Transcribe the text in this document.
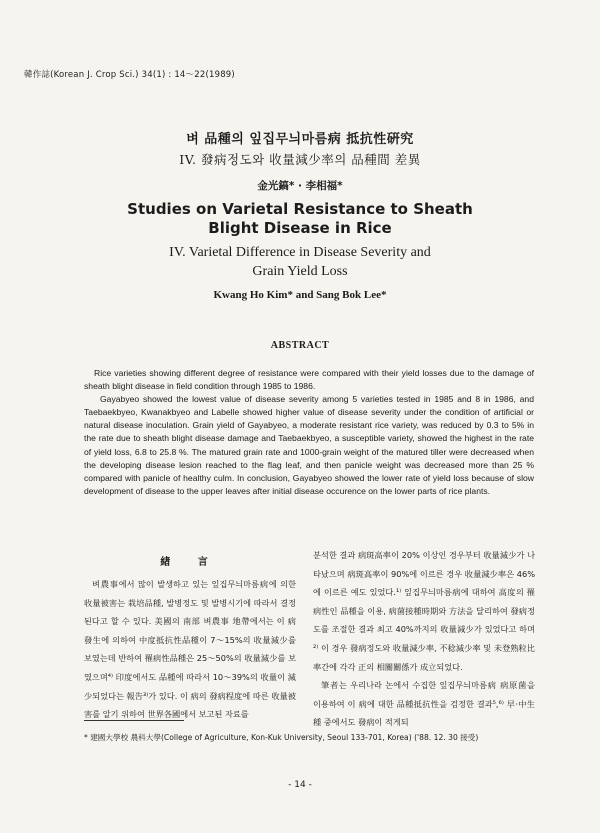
韓作誌(Korean J. Crop Sci.) 34(1) : 14～22(1989)
벼 品種의 잎집무늬마름病 抵抗性硏究
IV. 發病정도와 收量減少率의 品種間 差異
金光鎬* · 李相福*
Studies on Varietal Resistance to Sheath
Blight Disease in Rice
IV. Varietal Difference in Disease Severity and
Grain Yield Loss
Kwang Ho Kim* and Sang Bok Lee*
ABSTRACT

Rice varieties showing different degree of resistance were compared with their yield losses due to the damage of sheath blight disease in field condition through 1985 to 1986.

Gayabyeo showed the lowest value of disease severity among 5 varieties tested in 1985 and 8 in 1986, and Taebaekbyeo, Kwanakbyeo and Labelle showed higher value of disease severity under the condition of artificial or natural disease inoculation. Grain yield of Gayabyeo, a moderate resistant rice variety, was reduced by 0.3 to 5% in the rate due to sheath blight disease damage and Taebaekbyeo, a susceptible variety, showed the highest in the rate of yield loss, 6.8 to 25.8 %. The matured grain rate and 1000-grain weight of the matured tiller were decreased when the developing disease lesion reached to the flag leaf, and then panicle weight was decreased more than 25 % compared with panicle of healthy culm. In conclusion, Gayabyeo showed the lower rate of yield loss because of slow development of disease to the upper leaves after initial disease occurence on the lower parts of rice plants.

緖 言

벼農事에서 많이 발생하고 있는 잎집무늬마름病에 의한 收量被害는 栽培品種, 발병정도 및 발병시기에 따라서 결정된다고 할 수 있다. 美國의 南部 벼農事 地帶에서는 이 病 發生에 의하여 中度抵抗性品種이 7～15%의 收量減少를 보였는데 반하여 罹病性品種은 25～50%의 收量減少를 보였으며⁴⁾ 印度에서도 品種에 따라서 10～39%의 收量이 減少되었다는 報告³⁾가 있다. 이 病의 發病程度에 따른 收量被害를 알기 위하여 世界各國에서 보고된 자료를

분석한 결과 病斑高率이 20% 이상인 경우부터 收量減少가 나타났으며 病斑高率이 90%에 이르른 경우 收量減少率은 46%에 이르른 예도 있었다.¹⁾ 잎집무늬마름病에 대하여 高度의 罹病性인 品種을 이용, 病菌接種時期와 方法을 달리하여 發病정도를 조절한 결과 최고 40%까지의 收量減少가 있었다고 하며²⁾ 이 경우 發病정도와 收量減少率, 不稔減少率 및 未登熟粒比率간에 각각 正의 相關關係가 成立되었다.

筆者는 우리나라 논에서 수집한 잎집무늬마름病 病原菌을 이용하여 이 病에 대한 品種抵抗性을 검정한 결과⁵,⁶⁾ 早·中生種 중에서도 發病이 적게되

* 建國大學校 農科大學(College of Agriculture, Kon-Kuk University, Seoul 133-701, Korea) ('88. 12. 30 接受)
- 14 -
